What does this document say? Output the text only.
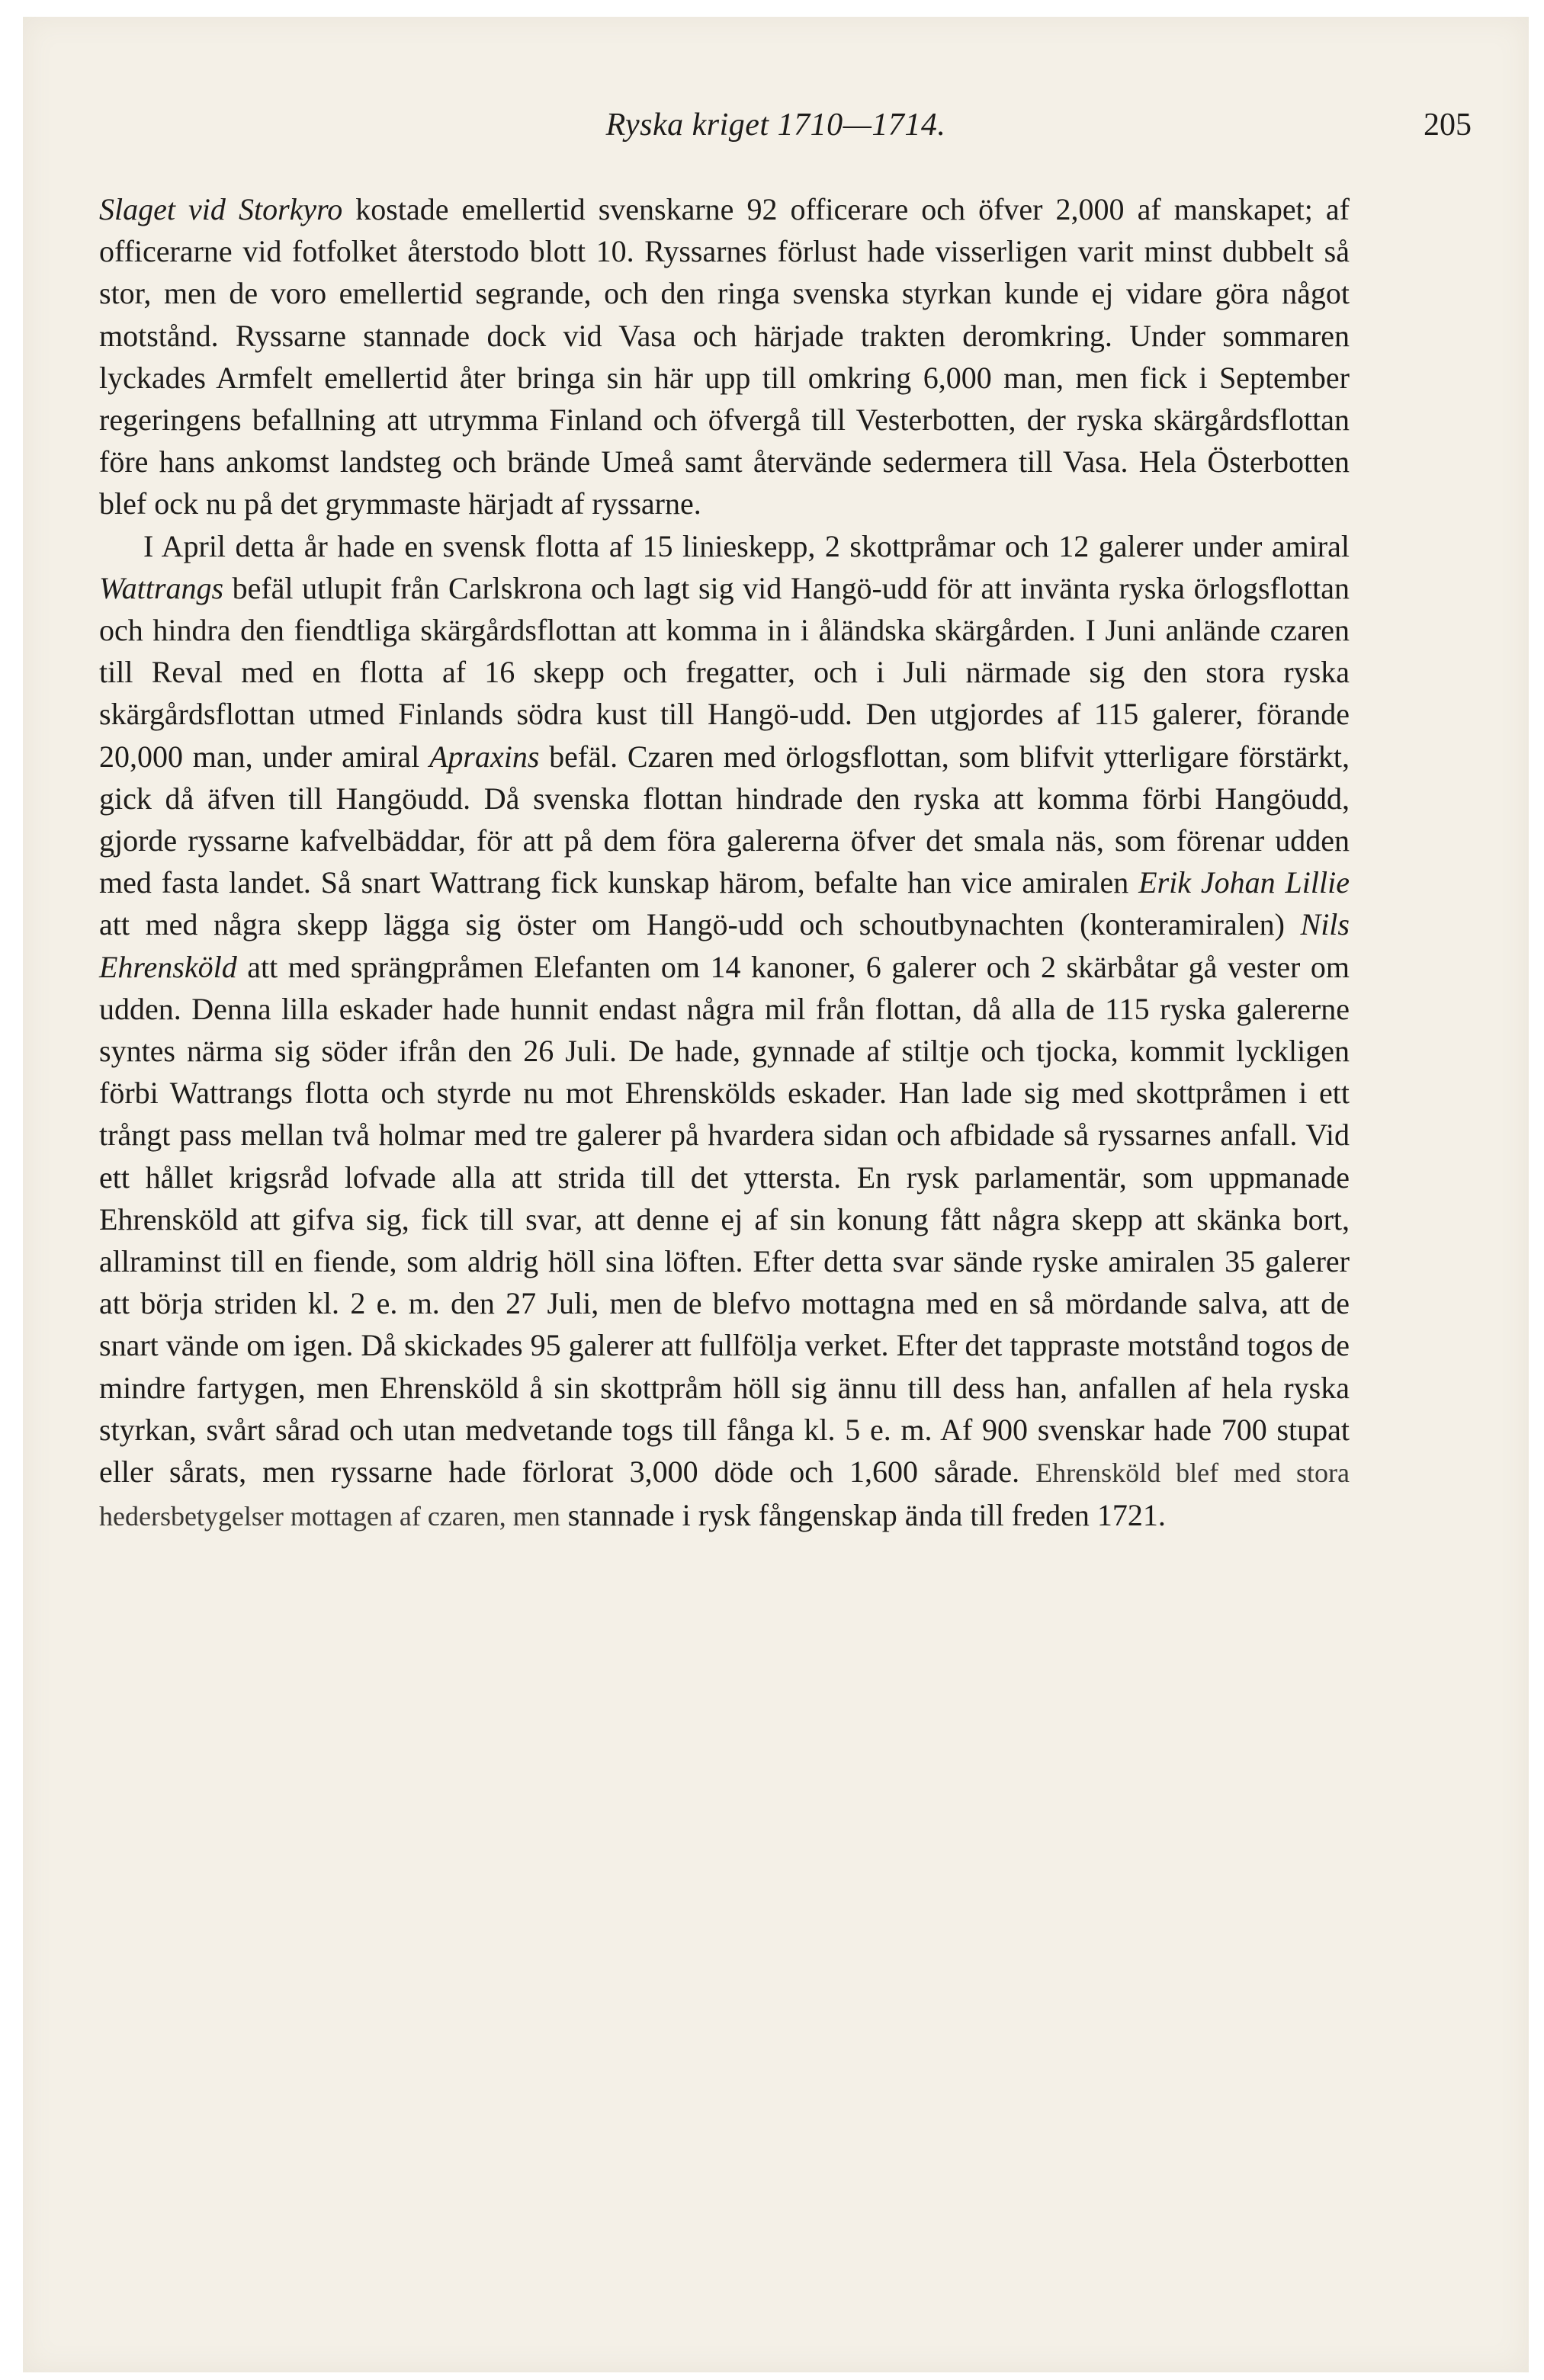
Ryska kriget 1710—1714.	205

Slaget vid Storkyro kostade emellertid svenskarne 92 officerare och öfver 2,000 af manskapet; af officerarne vid fotfolket återstodo blott 10. Ryssarnes förlust hade visserligen varit minst dubbelt så stor, men de voro emellertid segrande, och den ringa svenska styrkan kunde ej vidare göra något motstånd. Ryssarne stannade dock vid Vasa och härjade trakten deromkring. Under sommaren lyckades Armfelt emellertid åter bringa sin här upp till omkring 6,000 man, men fick i September regeringens befallning att utrymma Finland och öfvergå till Vesterbotten, der ryska skärgårdsflottan före hans ankomst landsteg och brände Umeå samt återvände sedermera till Vasa. Hela Österbotten blef ock nu på det grymmaste härjadt af ryssarne.

I April detta år hade en svensk flotta af 15 linieskepp, 2 skottpråmar och 12 galerer under amiral Wattrangs befäl utlupit från Carlskrona och lagt sig vid Hangö-udd för att invänta ryska örlogsflottan och hindra den fiendtliga skärgårdsflottan att komma in i åländska skärgården. I Juni anlände czaren till Reval med en flotta af 16 skepp och fregatter, och i Juli närmade sig den stora ryska skärgårdsflottan utmed Finlands södra kust till Hangö-udd. Den utgjordes af 115 galerer, förande 20,000 man, under amiral Apraxins befäl. Czaren med örlogsflottan, som blifvit ytterligare förstärkt, gick då äfven till Hangöudd. Då svenska flottan hindrade den ryska att komma förbi Hangöudd, gjorde ryssarne kafvelbäddar, för att på dem föra galererna öfver det smala näs, som förenar udden med fasta landet. Så snart Wattrang fick kunskap härom, befalte han vice amiralen Erik Johan Lillie att med några skepp lägga sig öster om Hangö-udd och schoutbynachten (konteramiralen) Nils Ehrensköld att med sprängpråmen Elefanten om 14 kanoner, 6 galerer och 2 skärbåtar gå vester om udden. Denna lilla eskader hade hunnit endast några mil från flottan, då alla de 115 ryska galererne syntes närma sig söder ifrån den 26 Juli. De hade, gynnade af stiltje och tjocka, kommit lyckligen förbi Wattrangs flotta och styrde nu mot Ehrenskölds eskader. Han lade sig med skottpråmen i ett trångt pass mellan två holmar med tre galerer på hvardera sidan och afbidade så ryssarnes anfall. Vid ett hållet krigsråd lofvade alla att strida till det yttersta. En rysk parlamentär, som uppmanade Ehrensköld att gifva sig, fick till svar, att denne ej af sin konung fått några skepp att skänka bort, allraminst till en fiende, som aldrig höll sina löften. Efter detta svar sände ryske amiralen 35 galerer att börja striden kl. 2 e. m. den 27 Juli, men de blefvo mottagna med en så mördande salva, att de snart vände om igen. Då skickades 95 galerer att fullfölja verket. Efter det tappraste motstånd togos de mindre fartygen, men Ehrensköld å sin skottpråm höll sig ännu till dess han, anfallen af hela ryska styrkan, svårt sårad och utan medvetande togs till fånga kl. 5 e. m. Af 900 svenskar hade 700 stupat eller sårats, men ryssarne hade förlorat 3,000 döde och 1,600 sårade. Ehrensköld blef med stora hedersbetygelser mottagen af czaren, men stannade i rysk fångenskap ända till freden 1721.
